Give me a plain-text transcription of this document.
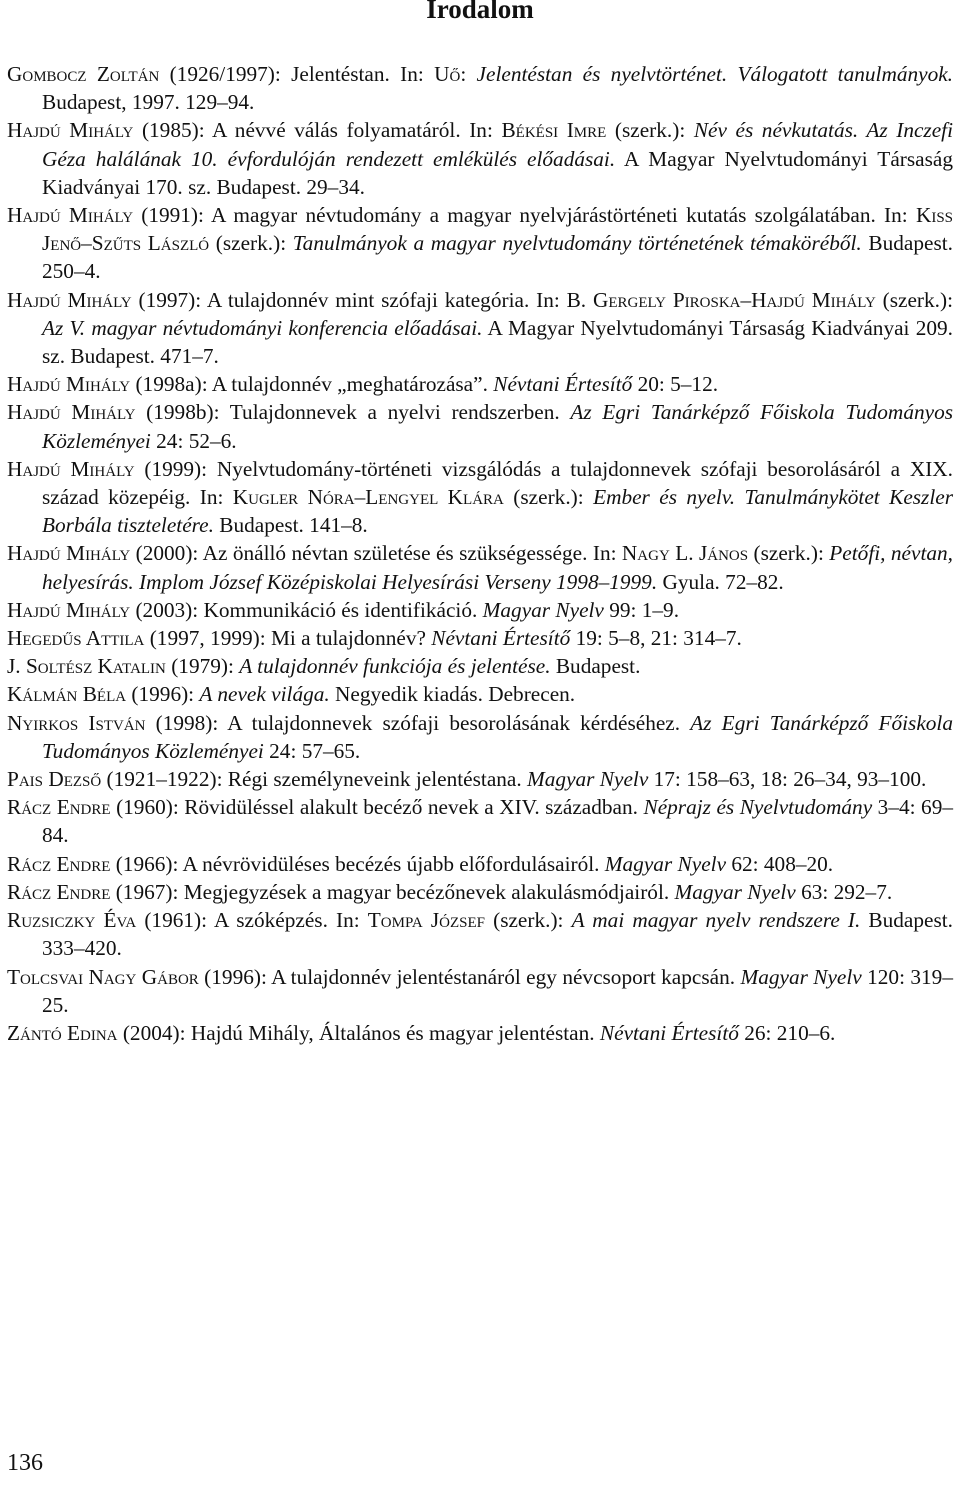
Irodalom
Gombocz Zoltán (1926/1997): Jelentéstan. In: Uő: Jelentéstan és nyelvtörténet. Válogatott tanulmányok. Budapest, 1997. 129–94.
Hajdú Mihály (1985): A névvé válás folyamatáról. In: Békési Imre (szerk.): Név és névkutatás. Az Inczefi Géza halálának 10. évfordulóján rendezett emlékülés előadásai. A Magyar Nyelvtudományi Társaság Kiadványai 170. sz. Budapest. 29–34.
Hajdú Mihály (1991): A magyar névtudomány a magyar nyelvjárástörténeti kutatás szolgálatában. In: Kiss Jenő–Szűts László (szerk.): Tanulmányok a magyar nyelvtudomány történetének témaköréből. Budapest. 250–4.
Hajdú Mihály (1997): A tulajdonnév mint szófaji kategória. In: B. Gergely Piroska–Hajdú Mihály (szerk.): Az V. magyar névtudományi konferencia előadásai. A Magyar Nyelvtudományi Társaság Kiadványai 209. sz. Budapest. 471–7.
Hajdú Mihály (1998a): A tulajdonnév „meghatározása”. Névtani Értesítő 20: 5–12.
Hajdú Mihály (1998b): Tulajdonnevek a nyelvi rendszerben. Az Egri Tanárképző Főiskola Tudományos Közleményei 24: 52–6.
Hajdú Mihály (1999): Nyelvtudomány-történeti vizsgálódás a tulajdonnevek szófaji besorolásáról a XIX. század közepéig. In: Kugler Nóra–Lengyel Klára (szerk.): Ember és nyelv. Tanulmánykötet Keszler Borbála tiszteletére. Budapest. 141–8.
Hajdú Mihály (2000): Az önálló névtan születése és szükségessége. In: Nagy L. János (szerk.): Petőfi, névtan, helyesírás. Implom József Középiskolai Helyesírási Verseny 1998–1999. Gyula. 72–82.
Hajdú Mihály (2003): Kommunikáció és identifikáció. Magyar Nyelv 99: 1–9.
Hegedűs Attila (1997, 1999): Mi a tulajdonnév? Névtani Értesítő 19: 5–8, 21: 314–7.
J. Soltész Katalin (1979): A tulajdonnév funkciója és jelentése. Budapest.
Kálmán Béla (1996): A nevek világa. Negyedik kiadás. Debrecen.
Nyirkos István (1998): A tulajdonnevek szófaji besorolásának kérdéséhez. Az Egri Tanárképző Főiskola Tudományos Közleményei 24: 57–65.
Pais Dezső (1921–1922): Régi személyneveink jelentéstana. Magyar Nyelv 17: 158–63, 18: 26–34, 93–100.
Rácz Endre (1960): Rövidüléssel alakult becéző nevek a XIV. században. Néprajz és Nyelvtudomány 3–4: 69–84.
Rácz Endre (1966): A névrövidüléses becézés újabb előfordulásairól. Magyar Nyelv 62: 408–20.
Rácz Endre (1967): Megjegyzések a magyar becézőnevek alakulásmódjairól. Magyar Nyelv 63: 292–7.
Ruzsiczky Éva (1961): A szóképzés. In: Tompa József (szerk.): A mai magyar nyelv rendszere I. Budapest. 333–420.
Tolcsvai Nagy Gábor (1996): A tulajdonnév jelentéstanáról egy névcsoport kapcsán. Magyar Nyelv 120: 319–25.
Zántó Edina (2004): Hajdú Mihály, Általános és magyar jelentéstan. Névtani Értesítő 26: 210–6.
136
